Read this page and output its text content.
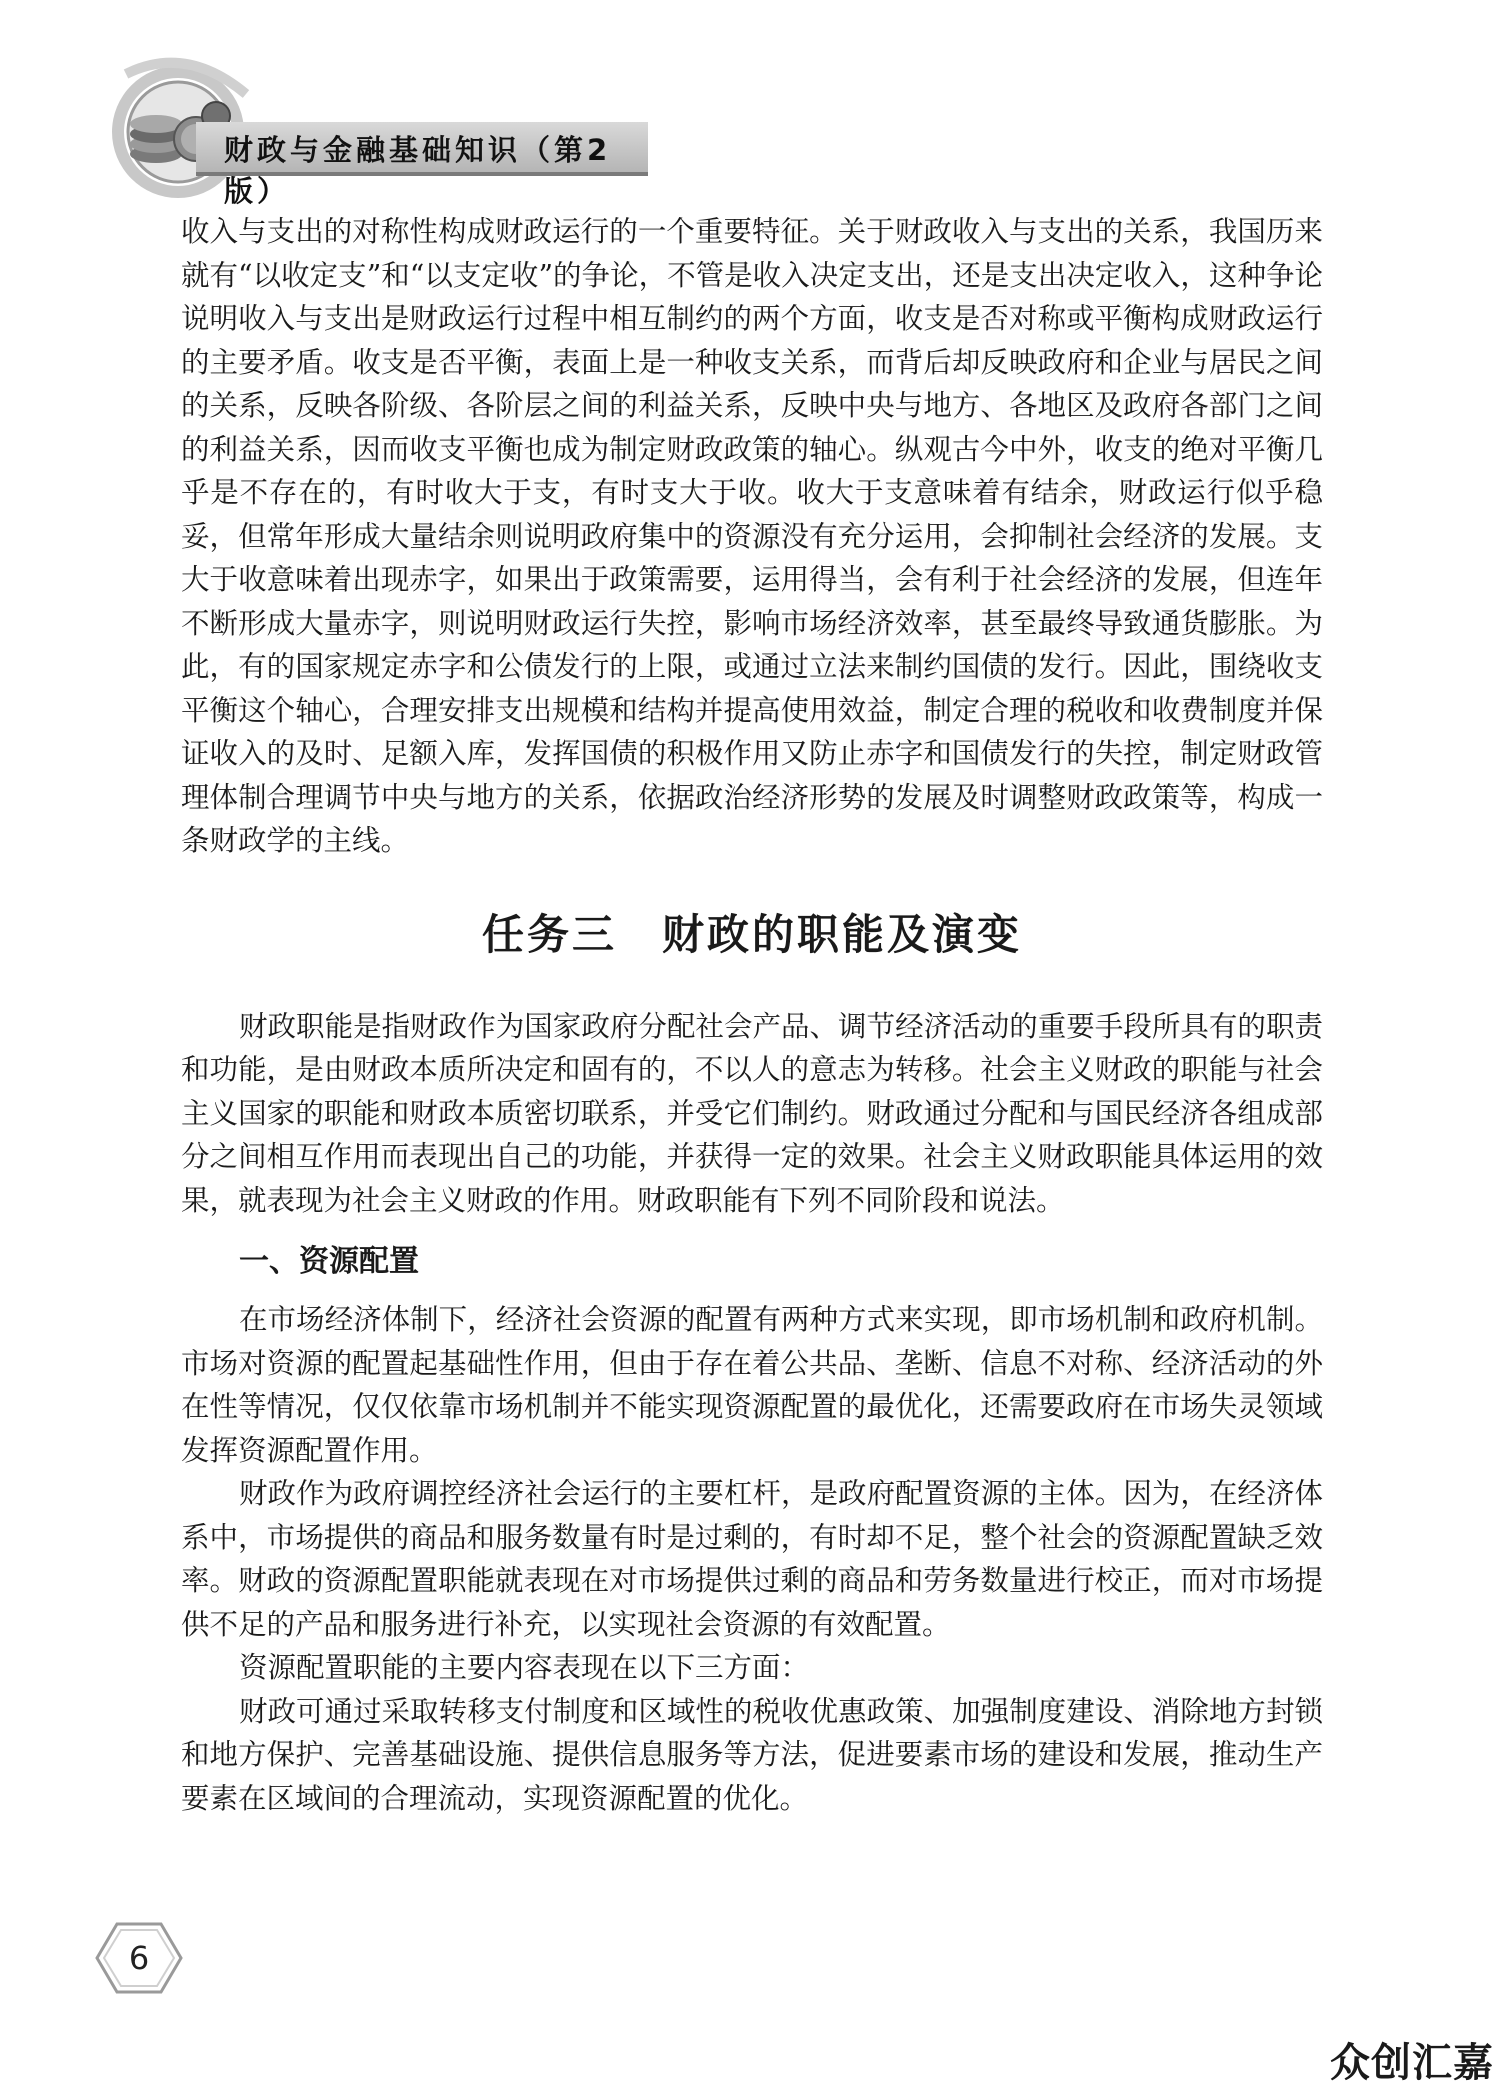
财政与金融基础知识（第2版）

收入与支出的对称性构成财政运行的一个重要特征。关于财政收入与支出的关系，我国历来就有“以收定支”和“以支定收”的争论，不管是收入决定支出，还是支出决定收入，这种争论说明收入与支出是财政运行过程中相互制约的两个方面，收支是否对称或平衡构成财政运行的主要矛盾。收支是否平衡，表面上是一种收支关系，而背后却反映政府和企业与居民之间的关系，反映各阶级、各阶层之间的利益关系，反映中央与地方、各地区及政府各部门之间的利益关系，因而收支平衡也成为制定财政政策的轴心。纵观古今中外，收支的绝对平衡几乎是不存在的，有时收大于支，有时支大于收。收大于支意味着有结余，财政运行似乎稳妥，但常年形成大量结余则说明政府集中的资源没有充分运用，会抑制社会经济的发展。支大于收意味着出现赤字，如果出于政策需要，运用得当，会有利于社会经济的发展，但连年不断形成大量赤字，则说明财政运行失控，影响市场经济效率，甚至最终导致通货膨胀。为此，有的国家规定赤字和公债发行的上限，或通过立法来制约国债的发行。因此，围绕收支平衡这个轴心，合理安排支出规模和结构并提高使用效益，制定合理的税收和收费制度并保证收入的及时、足额入库，发挥国债的积极作用又防止赤字和国债发行的失控，制定财政管理体制合理调节中央与地方的关系，依据政治经济形势的发展及时调整财政政策等，构成一条财政学的主线。

任务三　财政的职能及演变

财政职能是指财政作为国家政府分配社会产品、调节经济活动的重要手段所具有的职责和功能，是由财政本质所决定和固有的，不以人的意志为转移。社会主义财政的职能与社会主义国家的职能和财政本质密切联系，并受它们制约。财政通过分配和与国民经济各组成部分之间相互作用而表现出自己的功能，并获得一定的效果。社会主义财政职能具体运用的效果，就表现为社会主义财政的作用。财政职能有下列不同阶段和说法。

一、资源配置

在市场经济体制下，经济社会资源的配置有两种方式来实现，即市场机制和政府机制。市场对资源的配置起基础性作用，但由于存在着公共品、垄断、信息不对称、经济活动的外在性等情况，仅仅依靠市场机制并不能实现资源配置的最优化，还需要政府在市场失灵领域发挥资源配置作用。

财政作为政府调控经济社会运行的主要杠杆，是政府配置资源的主体。因为，在经济体系中，市场提供的商品和服务数量有时是过剩的，有时却不足，整个社会的资源配置缺乏效率。财政的资源配置职能就表现在对市场提供过剩的商品和劳务数量进行校正，而对市场提供不足的产品和服务进行补充，以实现社会资源的有效配置。

资源配置职能的主要内容表现在以下三方面：

财政可通过采取转移支付制度和区域性的税收优惠政策、加强制度建设、消除地方封锁和地方保护、完善基础设施、提供信息服务等方法，促进要素市场的建设和发展，推动生产要素在区域间的合理流动，实现资源配置的优化。

6
众创汇嘉
